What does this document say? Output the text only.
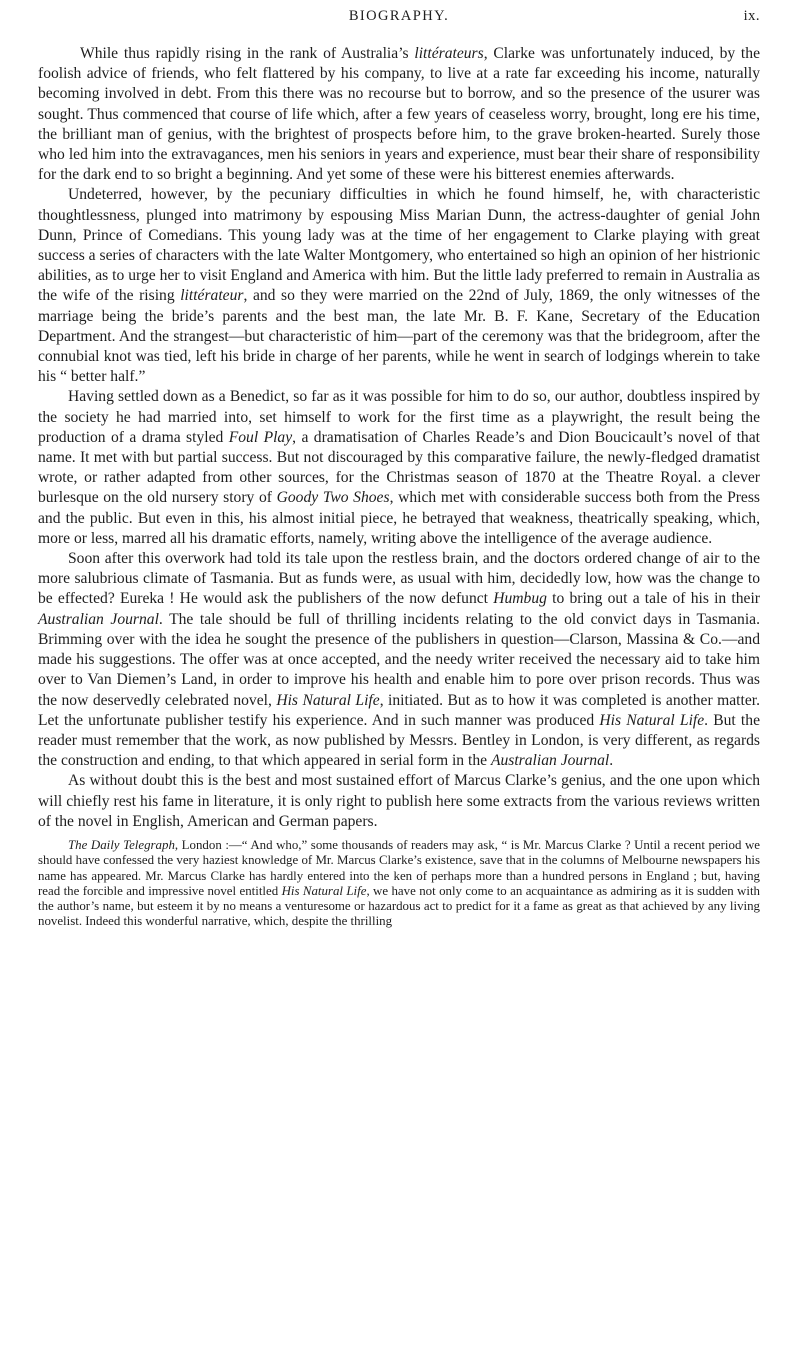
BIOGRAPHY.	ix.

While thus rapidly rising in the rank of Australia’s littérateurs, Clarke was unfortunately induced, by the foolish advice of friends, who felt flattered by his company, to live at a rate far exceeding his income, naturally becoming involved in debt. From this there was no recourse but to borrow, and so the presence of the usurer was sought. Thus commenced that course of life which, after a few years of ceaseless worry, brought, long ere his time, the brilliant man of genius, with the brightest of prospects before him, to the grave broken-hearted. Surely those who led him into the extravagances, men his seniors in years and experience, must bear their share of responsibility for the dark end to so bright a beginning. And yet some of these were his bitterest enemies afterwards.

Undeterred, however, by the pecuniary difficulties in which he found himself, he, with characteristic thoughtlessness, plunged into matrimony by espousing Miss Marian Dunn, the actress-daughter of genial John Dunn, Prince of Comedians. This young lady was at the time of her engagement to Clarke playing with great success a series of characters with the late Walter Montgomery, who entertained so high an opinion of her histrionic abilities, as to urge her to visit England and America with him. But the little lady preferred to remain in Australia as the wife of the rising littérateur, and so they were married on the 22nd of July, 1869, the only witnesses of the marriage being the bride’s parents and the best man, the late Mr. B. F. Kane, Secretary of the Education Department. And the strangest—but characteristic of him—part of the ceremony was that the bridegroom, after the connubial knot was tied, left his bride in charge of her parents, while he went in search of lodgings wherein to take his “ better half.”

Having settled down as a Benedict, so far as it was possible for him to do so, our author, doubtless inspired by the society he had married into, set himself to work for the first time as a playwright, the result being the production of a drama styled Foul Play, a dramatisation of Charles Reade’s and Dion Boucicault’s novel of that name. It met with but partial success. But not discouraged by this comparative failure, the newly-fledged dramatist wrote, or rather adapted from other sources, for the Christmas season of 1870 at the Theatre Royal. a clever burlesque on the old nursery story of Goody Two Shoes, which met with considerable success both from the Press and the public. But even in this, his almost initial piece, he betrayed that weakness, theatrically speaking, which, more or less, marred all his dramatic efforts, namely, writing above the intelligence of the average audience.

Soon after this overwork had told its tale upon the restless brain, and the doctors ordered change of air to the more salubrious climate of Tasmania. But as funds were, as usual with him, decidedly low, how was the change to be effected? Eureka ! He would ask the publishers of the now defunct Humbug to bring out a tale of his in their Australian Journal. The tale should be full of thrilling incidents relating to the old convict days in Tasmania. Brimming over with the idea he sought the presence of the publishers in question—Clarson, Massina & Co.—and made his suggestions. The offer was at once accepted, and the needy writer received the necessary aid to take him over to Van Diemen’s Land, in order to improve his health and enable him to pore over prison records. Thus was the now deservedly celebrated novel, His Natural Life, initiated. But as to how it was completed is another matter. Let the unfortunate publisher testify his experience. And in such manner was produced His Natural Life. But the reader must remember that the work, as now published by Messrs. Bentley in London, is very different, as regards the construction and ending, to that which appeared in serial form in the Australian Journal.

As without doubt this is the best and most sustained effort of Marcus Clarke’s genius, and the one upon which will chiefly rest his fame in literature, it is only right to publish here some extracts from the various reviews written of the novel in English, American and German papers.

The Daily Telegraph, London :—“ And who,” some thousands of readers may ask, “ is Mr. Marcus Clarke ? Until a recent period we should have confessed the very haziest knowledge of Mr. Marcus Clarke’s existence, save that in the columns of Melbourne newspapers his name has appeared. Mr. Marcus Clarke has hardly entered into the ken of perhaps more than a hundred persons in England ; but, having read the forcible and impressive novel entitled His Natural Life, we have not only come to an acquaintance as admiring as it is sudden with the author’s name, but esteem it by no means a venturesome or hazardous act to predict for it a fame as great as that achieved by any living novelist. Indeed this wonderful narrative, which, despite the thrilling
